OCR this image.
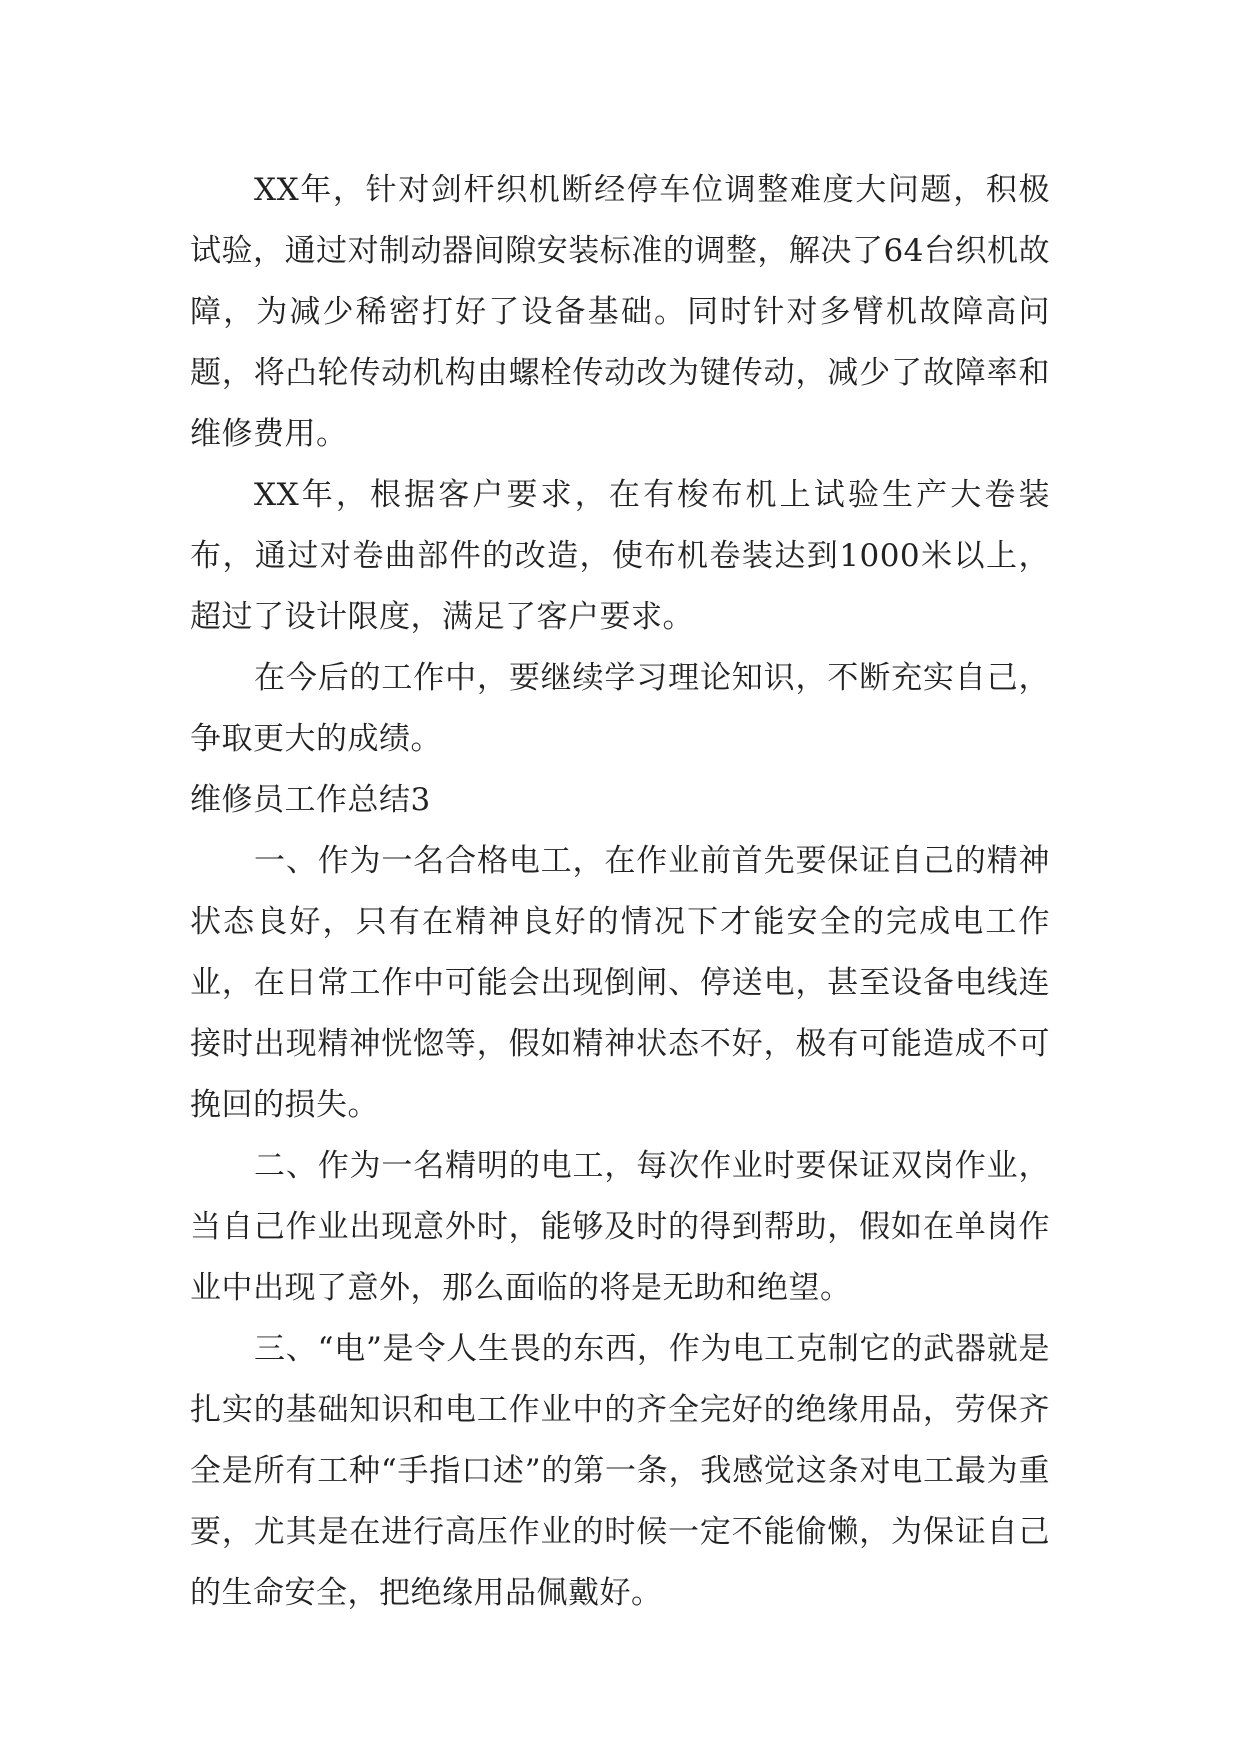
XX年，针对剑杆织机断经停车位调整难度大问题，积极试验，通过对制动器间隙安装标准的调整，解决了64台织机故障，为减少稀密打好了设备基础。同时针对多臂机故障高问题，将凸轮传动机构由螺栓传动改为键传动，减少了故障率和维修费用。

XX年，根据客户要求，在有梭布机上试验生产大卷装布，通过对卷曲部件的改造，使布机卷装达到1000米以上，超过了设计限度，满足了客户要求。

在今后的工作中，要继续学习理论知识，不断充实自己，争取更大的成绩。

维修员工作总结3

一、作为一名合格电工，在作业前首先要保证自己的精神状态良好，只有在精神良好的情况下才能安全的完成电工作业，在日常工作中可能会出现倒闸、停送电，甚至设备电线连接时出现精神恍惚等，假如精神状态不好，极有可能造成不可挽回的损失。

二、作为一名精明的电工，每次作业时要保证双岗作业，当自己作业出现意外时，能够及时的得到帮助，假如在单岗作业中出现了意外，那么面临的将是无助和绝望。

三、“电”是令人生畏的东西，作为电工克制它的武器就是扎实的基础知识和电工作业中的齐全完好的绝缘用品，劳保齐全是所有工种“手指口述”的第一条，我感觉这条对电工最为重要，尤其是在进行高压作业的时候一定不能偷懒，为保证自己的生命安全，把绝缘用品佩戴好。
